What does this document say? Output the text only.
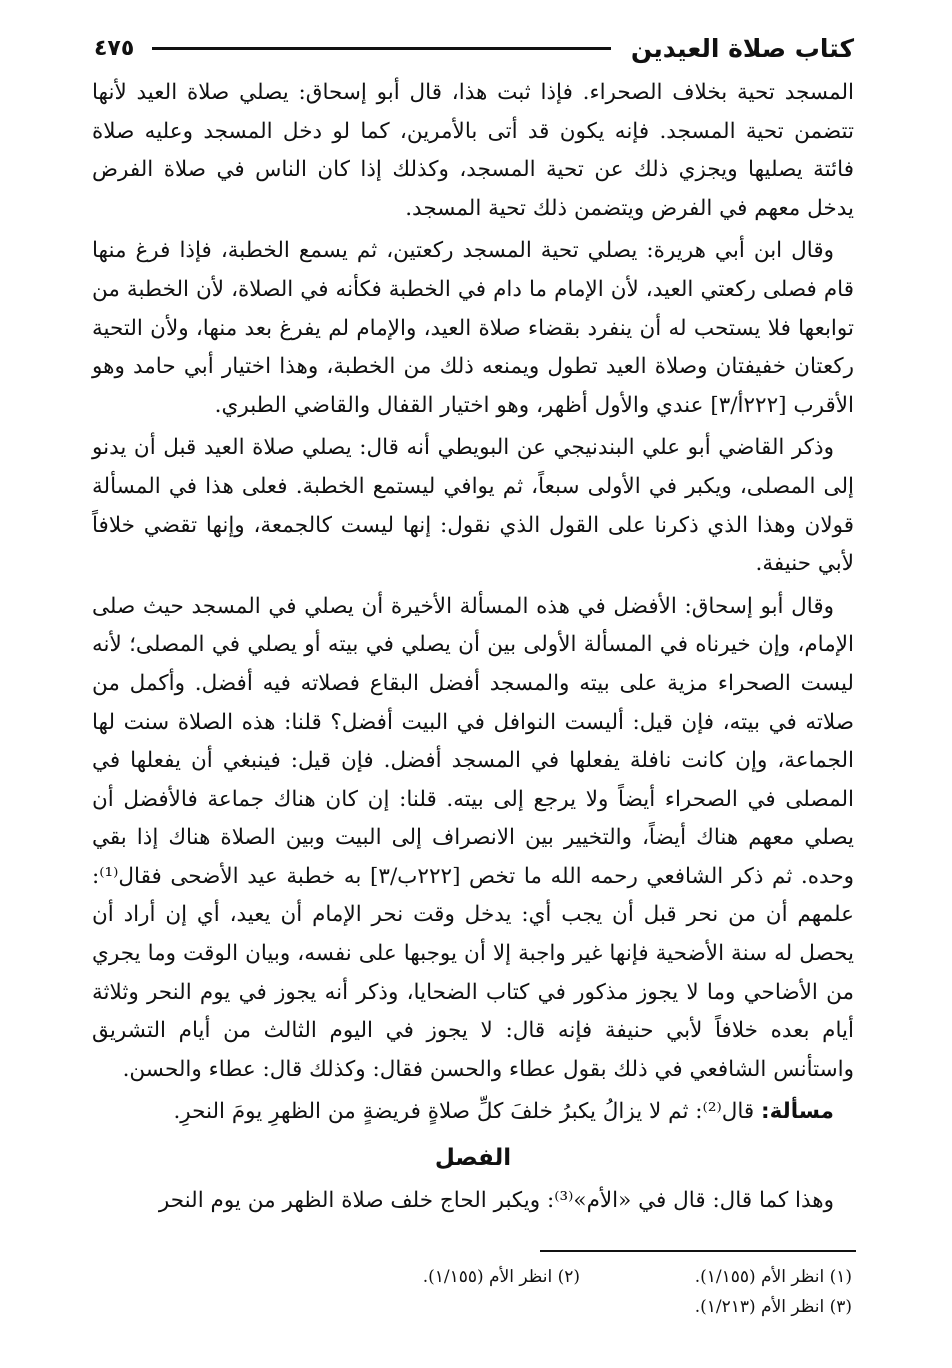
كتاب صلاة العيدين
٤٧٥

المسجد تحية بخلاف الصحراء. فإذا ثبت هذا، قال أبو إسحاق: يصلي صلاة العيد لأنها تتضمن تحية المسجد. فإنه يكون قد أتى بالأمرين، كما لو دخل المسجد وعليه صلاة فائتة يصليها ويجزي ذلك عن تحية المسجد، وكذلك إذا كان الناس في صلاة الفرض يدخل معهم في الفرض ويتضمن ذلك تحية المسجد.

وقال ابن أبي هريرة: يصلي تحية المسجد ركعتين، ثم يسمع الخطبة، فإذا فرغ منها قام فصلى ركعتي العيد، لأن الإمام ما دام في الخطبة فكأنه في الصلاة، لأن الخطبة من توابعها فلا يستحب له أن ينفرد بقضاء صلاة العيد، والإمام لم يفرغ بعد منها، ولأن التحية ركعتان خفيفتان وصلاة العيد تطول ويمنعه ذلك من الخطبة، وهذا اختيار أبي حامد وهو الأقرب [٢٢٢أ/٣] عندي والأول أظهر، وهو اختيار القفال والقاضي الطبري.

وذكر القاضي أبو علي البندنيجي عن البويطي أنه قال: يصلي صلاة العيد قبل أن يدنو إلى المصلى، ويكبر في الأولى سبعاً، ثم يوافي ليستمع الخطبة. فعلى هذا في المسألة قولان وهذا الذي ذكرنا على القول الذي نقول: إنها ليست كالجمعة، وإنها تقضي خلافاً لأبي حنيفة.

وقال أبو إسحاق: الأفضل في هذه المسألة الأخيرة أن يصلي في المسجد حيث صلى الإمام، وإن خيرناه في المسألة الأولى بين أن يصلي في بيته أو يصلي في المصلى؛ لأنه ليست الصحراء مزية على بيته والمسجد أفضل البقاع فصلاته فيه أفضل. وأكمل من صلاته في بيته، فإن قيل: أليست النوافل في البيت أفضل؟ قلنا: هذه الصلاة سنت لها الجماعة، وإن كانت نافلة يفعلها في المسجد أفضل. فإن قيل: فينبغي أن يفعلها في المصلى في الصحراء أيضاً ولا يرجع إلى بيته. قلنا: إن كان هناك جماعة فالأفضل أن يصلي معهم هناك أيضاً، والتخيير بين الانصراف إلى البيت وبين الصلاة هناك إذا بقي وحده. ثم ذكر الشافعي رحمه الله ما تخص [٢٢٢ب/٣] به خطبة عيد الأضحى فقال⁽¹⁾: علمهم أن من نحر قبل أن يجب أي: يدخل وقت نحر الإمام أن يعيد، أي إن أراد أن يحصل له سنة الأضحية فإنها غير واجبة إلا أن يوجبها على نفسه، وبيان الوقت وما يجري من الأضاحي وما لا يجوز مذكور في كتاب الضحايا، وذكر أنه يجوز في يوم النحر وثلاثة أيام بعده خلافاً لأبي حنيفة فإنه قال: لا يجوز في اليوم الثالث من أيام التشريق واستأنس الشافعي في ذلك بقول عطاء والحسن فقال: وكذلك قال: عطاء والحسن.

مسألة: قال⁽²⁾: ثم لا يزالُ يكبرُ خلفَ كلِّ صلاةٍ فريضةٍ من الظهرِ يومَ النحرِ.

الفصل

وهذا كما قال: قال في «الأم»⁽³⁾: ويكبر الحاج خلف صلاة الظهر من يوم النحر

(١) انظر الأم (١/١٥٥).
(٢) انظر الأم (١/١٥٥).
(٣) انظر الأم (١/٢١٣).
